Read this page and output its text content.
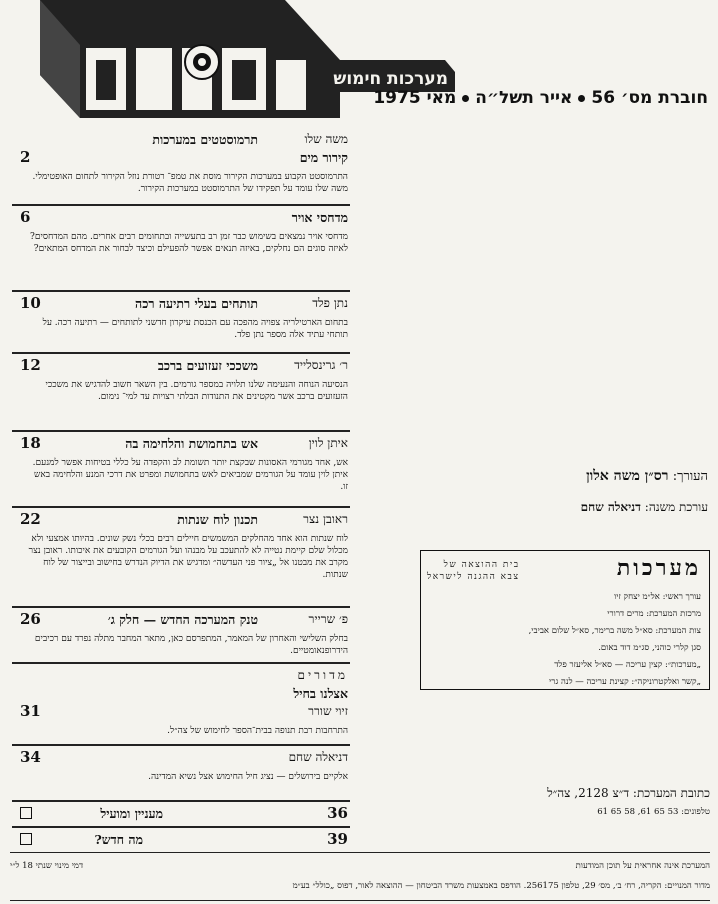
מערכות חימוש
חוברת מס׳ 56אייר תשל״המאי 1975
משה שלו
תרמוסטטים במערכות
קירור מים
2
התרמוסטט הקבוע במערכות הקירור מוסת את טמפ־ רטורת נוזל הקירור לתחום האופטימלי. משה שלו עומד על תפקידו של התרמוסטט במערכות הקירור.
מדחסי אויר
6
מדחסי אויר נמצאים בשימוש כבר זמן רב בתעשייה ובתחומים רבים אחרים. מהם המדחסים? לאיזה סוגים הם נחלקים, באיזה תנאים אפשר להפעילם וכיצד לבחור את המדחס המתאים?
נתן פלד
תותחים בעלי רתיעה רכה
10
בתחום הארטילריה צפויה מהפכה עם הכנסת עיקרון חדשני לתותחים — רתיעה רכה. על תותחי עתיד אלה מספר נתן פלד.
ר׳ גרינסלייד
משככי זעזועים ברכב
12
הנסיעה הנוחה והנעימה שלנו תלויה במספר גורמים. בין השאר חשוב להדגיש את משככי הזעזועים ברכב אשר מקטינים את התנודות הבלתי רצויות עד למי־ נימום.
איתן לוין
אש בתחמושת והלחימה בה
18
אש, אחד מגורמי האסונות שבקצת יותר תשומת לב והקפדה על כללי בטיחות אפשר למנעם. איתן לוין עומד על הגורמים שמביאים לאש בתחמושת ומפרט את דרכי המנע והלחימה באש זו.
ראובן נצר
תכנון לוח שנתות
22
לוח שנתות הוא אחד מהחלקים המשמשים חיילים רבים בכלי נשק שונים. בהיותו אמצעי ולא מכלול שלם קיימת נטייה לא להתעכב על מבנהו ועל הגורמים הקובעים את איכותו. ראובן נצר מקרב את מבטנו אל „ציור פני העדשה״ ומדגיש את הדיוק הנדרש בחישוב ובייצור של לוח שנתות.
פ׳ שרייר
טנק המערכה החדש — חלק ג׳
26
בחלק השלישי והאחרון של המאמר, המתפרסם כאן, מתאר המחבר מתלה נפרד עם רכיבים הידרופנאומטיים.
מדורים
אצלנו בחיל
זיוי שורר
31
התרחבות רבת תנופה בבית־הספר לחימוש של צה״ל.
דניאלה שחם
34
אלקיים בירושלים — נציג חיל החימוש אצל נשיא המדינה.
מעניין ומועיל	36
מה חדש?	39
העורך: רס״ן משה אלון
עורכת משנה: דניאלה שחם
מערכות
בית ההוצאה של
צבא ההגנה לישראל
עורך ראשי: אל״מ יצחק זיו
מרכזת המערכת: מרים דרורי
צות המערכת: סא״ל משה ברימר, סא״ל שלום אביבי,
סגן קלרי כוהני, סג״מ דוד באום.
„מערכות״: קצין עריכה — סא״ל אליעזר פלד
„קשר ואלקטרוניקה״: קצינת עריכה — לנה גרי
כתובת המערכת: ד״צ 2128, צה״ל
טלפונים: 53 65 61, 58 65 61
המערכת אינה אחראית על תוכן המודעות
דמי מינוי שנתי 18 ל״י
מדור המנויים: הקריה, רח׳ ב׳, מס׳ 29, טלפון 256175. הודפס באמצעות משרד הביטחון — ההוצאה לאור, דפוס „כולל״ בע״מ
